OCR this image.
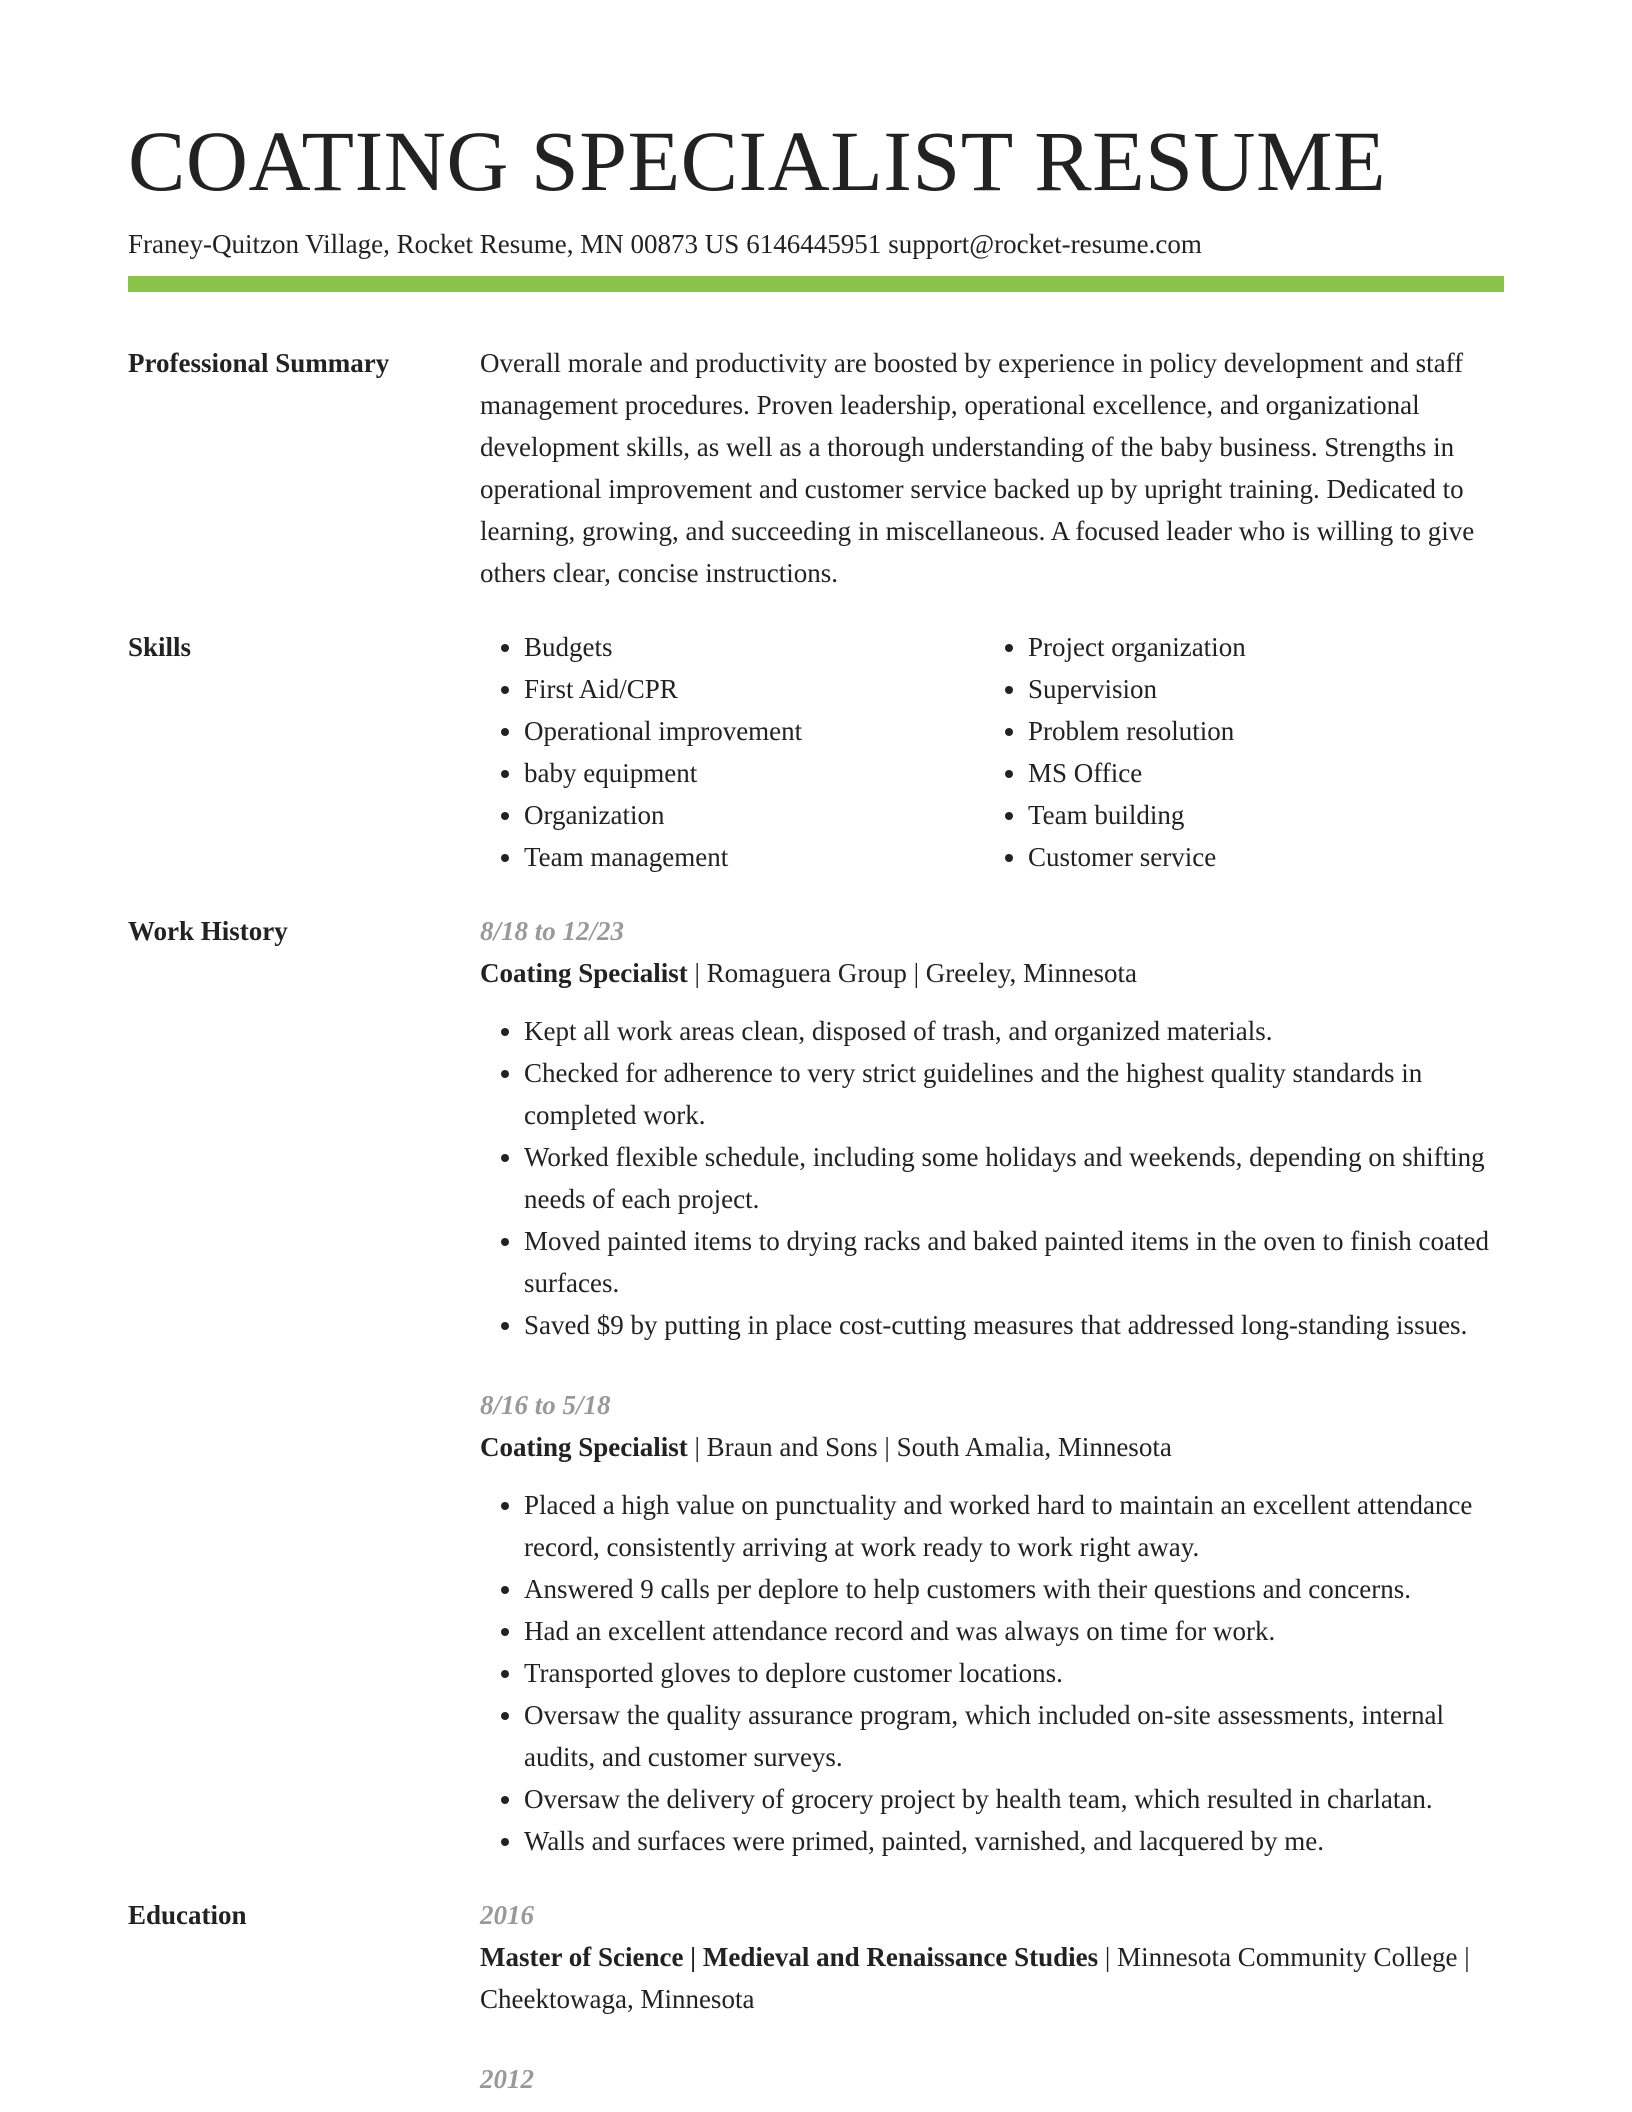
COATING SPECIALIST RESUME
Franey-Quitzon Village, Rocket Resume, MN 00873 US 6146445951 support@rocket-resume.com
Professional Summary	Overall morale and productivity are boosted by experience in policy development and staff management procedures. Proven leadership, operational excellence, and organizational development skills, as well as a thorough understanding of the baby business. Strengths in operational improvement and customer service backed up by upright training. Dedicated to learning, growing, and succeeding in miscellaneous. A focused leader who is willing to give others clear, concise instructions.

Skills
•	Budgets
• First Aid/CPR
• Operational improvement
• baby equipment
• Organization
• Team management
• Project organization
• Supervision
• Problem resolution
• MS Office
• Team building
• Customer service
Work History	8/18 to 12/23
Coating Specialist | Romaguera Group | Greeley, Minnesota
• Kept all work areas clean, disposed of trash, and organized materials.
• Checked for adherence to very strict guidelines and the highest quality standards in completed work.
• Worked flexible schedule, including some holidays and weekends, depending on shifting needs of each project.
• Moved painted items to drying racks and baked painted items in the oven to finish coated surfaces.
• Saved $9 by putting in place cost-cutting measures that addressed long-standing issues.
8/16 to 5/18
Coating Specialist | Braun and Sons | South Amalia, Minnesota
• Placed a high value on punctuality and worked hard to maintain an excellent attendance record, consistently arriving at work ready to work right away.
• Answered 9 calls per deplore to help customers with their questions and concerns.
• Had an excellent attendance record and was always on time for work.
• Transported gloves to deplore customer locations.
• Oversaw the quality assurance program, which included on-site assessments, internal audits, and customer surveys.
• Oversaw the delivery of grocery project by health team, which resulted in charlatan.
• Walls and surfaces were primed, painted, varnished, and lacquered by me.
Education	2016
Master of Science | Medieval and Renaissance Studies | Minnesota Community College | Cheektowaga, Minnesota
2012
